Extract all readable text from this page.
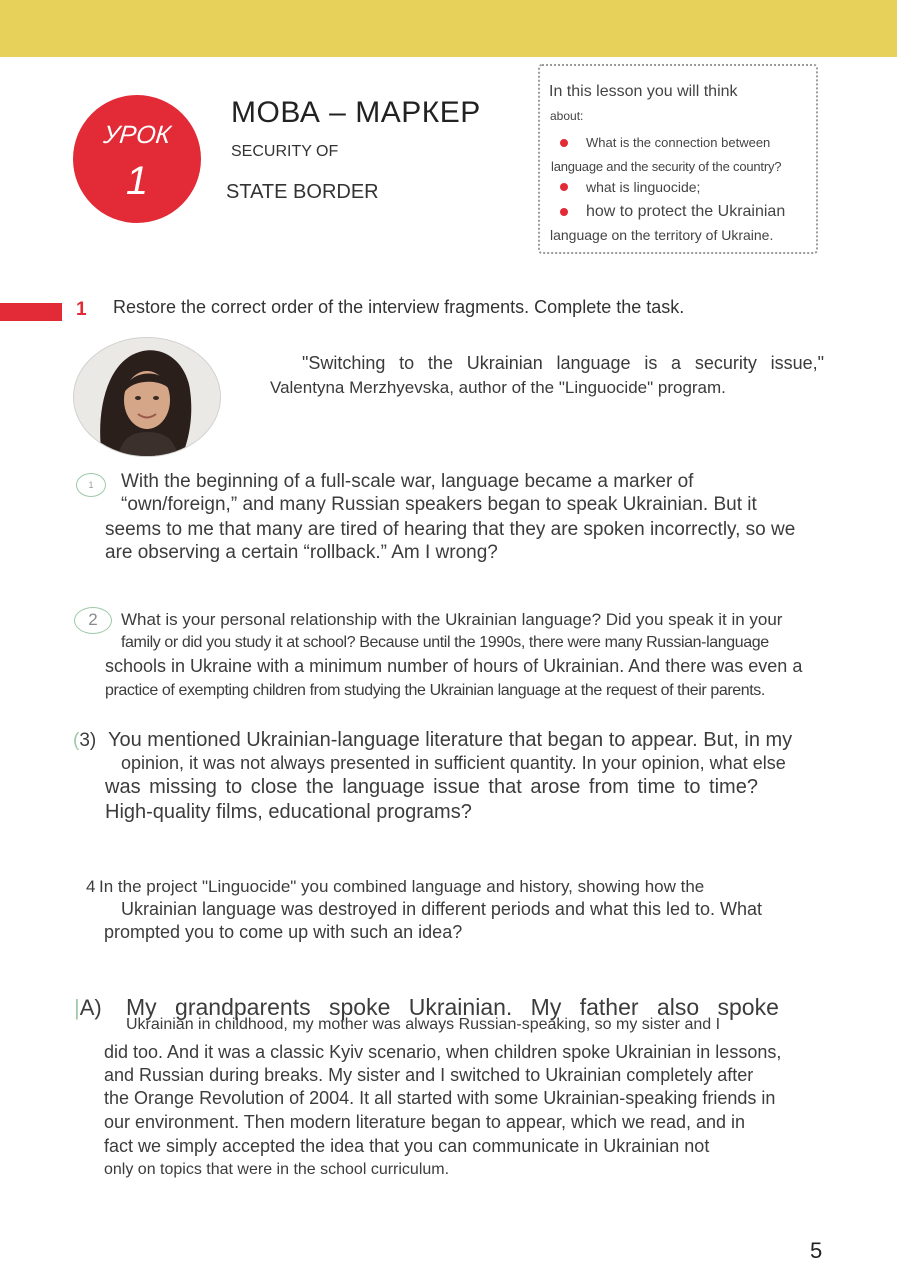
УРОК
1
МОВА – МАРКЕР
SECURITY OF
STATE BORDER
In this lesson you will think
about:
What is the connection between
language and the security of the country?
what is linguocide;
how to protect the Ukrainian
language on the territory of Ukraine.
1 Restore the correct order of the interview fragments. Complete the task.
"Switching to the Ukrainian language is a security issue,"
Valentyna Merzhyevska, author of the "Linguocide" program.
1	With the beginning of a full-scale war, language became a marker of
“own/foreign,” and many Russian speakers began to speak Ukrainian. But it
seems to me that many are tired of hearing that they are spoken incorrectly, so we
are observing a certain “rollback.” Am I wrong?
2	What is your personal relationship with the Ukrainian language? Did you speak it in your
family or did you study it at school? Because until the 1990s, there were many Russian-language
schools in Ukraine with a minimum number of hours of Ukrainian. And there was even a
practice of exempting children from studying the Ukrainian language at the request of their parents.
(3) You mentioned Ukrainian-language literature that began to appear. But, in my
opinion, it was not always presented in sufficient quantity. In your opinion, what else
was missing to close the language issue that arose from time to time?
High-quality films, educational programs?
4 In the project "Linguocide" you combined language and history, showing how the
Ukrainian language was destroyed in different periods and what this led to. What
prompted you to come up with such an idea?
|A) My grandparents spoke Ukrainian. My father also spoke
Ukrainian in childhood, my mother was always Russian-speaking, so my sister and I
did too. And it was a classic Kyiv scenario, when children spoke Ukrainian in lessons,
and Russian during breaks. My sister and I switched to Ukrainian completely after
the Orange Revolution of 2004. It all started with some Ukrainian-speaking friends in
our environment. Then modern literature began to appear, which we read, and in
fact we simply accepted the idea that you can communicate in Ukrainian not
only on topics that were in the school curriculum.
5
